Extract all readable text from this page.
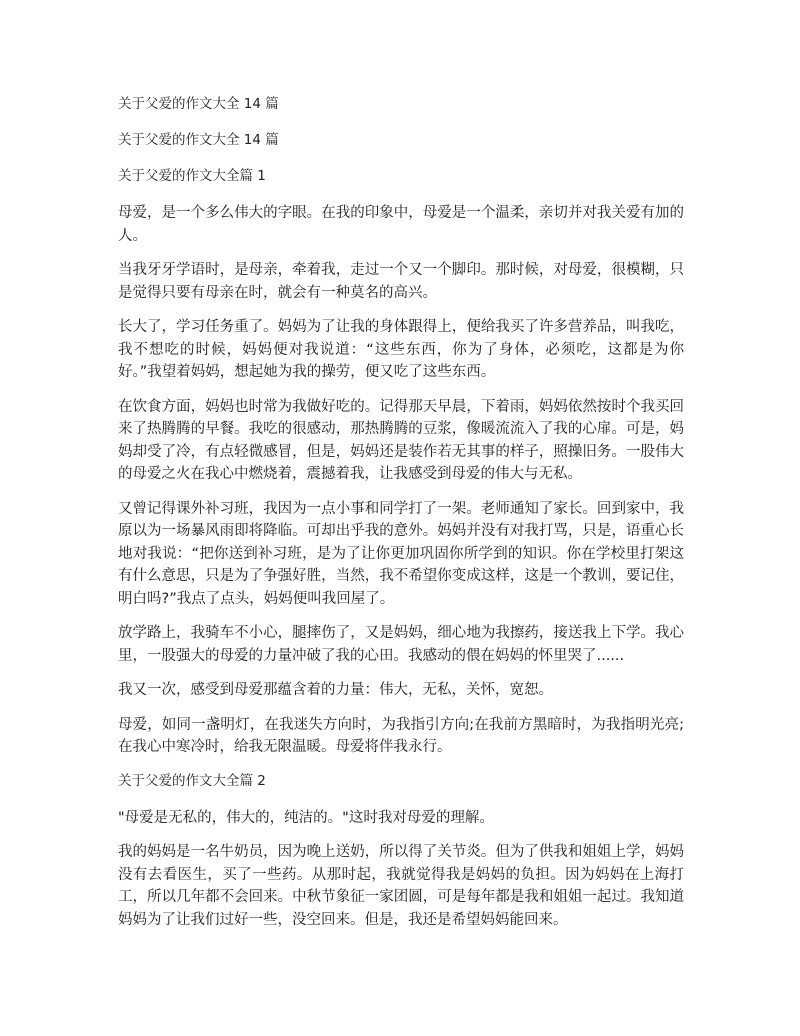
关于父爱的作文大全 14 篇
关于父爱的作文大全 14 篇
关于父爱的作文大全篇 1

母爱，是一个多么伟大的字眼。在我的印象中，母爱是一个温柔，亲切并对我关爱有加的人。

当我牙牙学语时，是母亲，牵着我，走过一个又一个脚印。那时候，对母爱，很模糊，只是觉得只要有母亲在时，就会有一种莫名的高兴。

长大了，学习任务重了。妈妈为了让我的身体跟得上，便给我买了许多营养品，叫我吃，我不想吃的时候，妈妈便对我说道：“这些东西，你为了身体，必须吃，这都是为你好。”我望着妈妈，想起她为我的操劳，便又吃了这些东西。

在饮食方面，妈妈也时常为我做好吃的。记得那天早晨，下着雨，妈妈依然按时个我买回来了热腾腾的早餐。我吃的很感动，那热腾腾的豆浆，像暖流流入了我的心扉。可是，妈妈却受了冷，有点轻微感冒，但是，妈妈还是装作若无其事的样子，照操旧务。一股伟大的母爱之火在我心中燃烧着，震撼着我，让我感受到母爱的伟大与无私。

又曾记得课外补习班，我因为一点小事和同学打了一架。老师通知了家长。回到家中，我原以为一场暴风雨即将降临。可却出乎我的意外。妈妈并没有对我打骂，只是，语重心长地对我说：“把你送到补习班，是为了让你更加巩固你所学到的知识。你在学校里打架这有什么意思，只是为了争强好胜，当然，我不希望你变成这样，这是一个教训，要记住，明白吗?”我点了点头，妈妈便叫我回屋了。

放学路上，我骑车不小心，腿摔伤了，又是妈妈，细心地为我擦药，接送我上下学。我心里，一股强大的母爱的力量冲破了我的心田。我感动的偎在妈妈的怀里哭了......

我又一次，感受到母爱那蕴含着的力量：伟大，无私，关怀，宽恕。

母爱，如同一盏明灯，在我迷失方向时，为我指引方向;在我前方黑暗时，为我指明光亮;在我心中寒冷时，给我无限温暖。母爱将伴我永行。

关于父爱的作文大全篇 2

"母爱是无私的，伟大的，纯洁的。"这时我对母爱的理解。

我的妈妈是一名牛奶员，因为晚上送奶，所以得了关节炎。但为了供我和姐姐上学，妈妈没有去看医生，买了一些药。从那时起，我就觉得我是妈妈的负担。因为妈妈在上海打工，所以几年都不会回来。中秋节象征一家团圆，可是每年都是我和姐姐一起过。我知道妈妈为了让我们过好一些，没空回来。但是，我还是希望妈妈能回来。
